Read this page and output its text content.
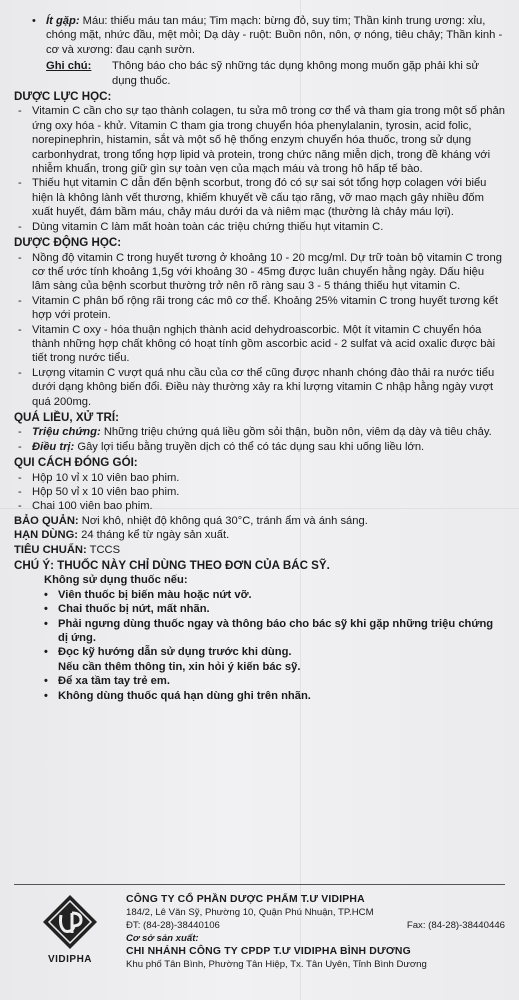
• Ít gặp: Máu: thiếu máu tan máu; Tim mạch: bừng đỏ, suy tim; Thần kinh trung ương: xỉu, chóng mặt, nhức đầu, mệt mỏi; Dạ dày - ruột: Buồn nôn, nôn, ợ nóng, tiêu chảy; Thần kinh - cơ và xương: đau cạnh sườn.
Ghi chú:	Thông báo cho bác sỹ những tác dụng không mong muốn gặp phải khi sử dụng thuốc.
DƯỢC LỰC HỌC:
- Vitamin C cần cho sự tạo thành colagen, tu sửa mô trong cơ thể và tham gia trong một số phản ứng oxy hóa - khử. Vitamin C tham gia trong chuyển hóa phenylalanin, tyrosin, acid folic, norepinephrin, histamin, sắt và một số hệ thống enzym chuyển hóa thuốc, trong sử dụng carbonhydrat, trong tổng hợp lipid và protein, trong chức năng miễn dịch, trong đề kháng với nhiễm khuẩn, trong giữ gìn sự toàn vẹn của mạch máu và trong hô hấp tế bào.
- Thiếu hụt vitamin C dẫn đến bệnh scorbut, trong đó có sự sai sót tổng hợp colagen với biểu hiện là không lành vết thương, khiếm khuyết về cấu tạo răng, vỡ mao mạch gây nhiều đốm xuất huyết, đám bầm máu, chảy máu dưới da và niêm mạc (thường là chảy máu lợi).
- Dùng vitamin C làm mất hoàn toàn các triệu chứng thiếu hụt vitamin C.
DƯỢC ĐỘNG HỌC:
- Nồng độ vitamin C trong huyết tương ở khoảng 10 - 20 mcg/ml. Dự trữ toàn bộ vitamin C trong cơ thể ước tính khoảng 1,5g với khoảng 30 - 45mg được luân chuyển hằng ngày. Dấu hiệu lâm sàng của bệnh scorbut thường trở nên rõ ràng sau 3 - 5 tháng thiếu hụt vitamin C.
- Vitamin C phân bố rộng rãi trong các mô cơ thể. Khoảng 25% vitamin C trong huyết tương kết hợp với protein.
- Vitamin C oxy - hóa thuận nghịch thành acid dehydroascorbic. Một ít vitamin C chuyển hóa thành những hợp chất không có hoạt tính gồm ascorbic acid - 2 sulfat và acid oxalic được bài tiết trong nước tiểu.
- Lượng vitamin C vượt quá nhu cầu của cơ thể cũng được nhanh chóng đào thải ra nước tiểu dưới dạng không biến đổi. Điều này thường xảy ra khi lượng vitamin C nhập hằng ngày vượt quá 200mg.
QUÁ LIỀU, XỬ TRÍ:
- Triệu chứng: Những triệu chứng quá liều gồm sỏi thận, buồn nôn, viêm dạ dày và tiêu chảy.
- Điều trị: Gây lợi tiểu bằng truyền dịch có thể có tác dụng sau khi uống liều lớn.
QUI CÁCH ĐÓNG GÓI:
- Hộp 10 vỉ x 10 viên bao phim.
- Hộp 50 vỉ x 10 viên bao phim.
- Chai 100 viên bao phim.
BẢO QUẢN: Nơi khô, nhiệt độ không quá 30°C, tránh ẩm và ánh sáng.
HẠN DÙNG: 24 tháng kể từ ngày sản xuất.
TIÊU CHUẨN: TCCS
CHÚ Ý: THUỐC NÀY CHỈ DÙNG THEO ĐƠN CỦA BÁC SỸ.
Không sử dụng thuốc nếu:
• Viên thuốc bị biến màu hoặc nứt vỡ.
• Chai thuốc bị nứt, mất nhãn.
• Phải ngưng dùng thuốc ngay và thông báo cho bác sỹ khi gặp những triệu chứng dị ứng.
• Đọc kỹ hướng dẫn sử dụng trước khi dùng.
Nếu cần thêm thông tin, xin hỏi ý kiến bác sỹ.
• Để xa tầm tay trẻ em.
• Không dùng thuốc quá hạn dùng ghi trên nhãn.
VIDIPHA
CÔNG TY CỔ PHẦN DƯỢC PHẨM T.Ư VIDIPHA
184/2, Lê Văn Sỹ, Phường 10, Quận Phú Nhuận, TP.HCM
ĐT: (84-28)-38440106	Fax: (84-28)-38440446
Cơ sở sản xuất:
CHI NHÁNH CÔNG TY CPDP T.Ư VIDIPHA BÌNH DƯƠNG
Khu phố Tân Bình, Phường Tân Hiệp, Tx. Tân Uyên, Tỉnh Bình Dương
